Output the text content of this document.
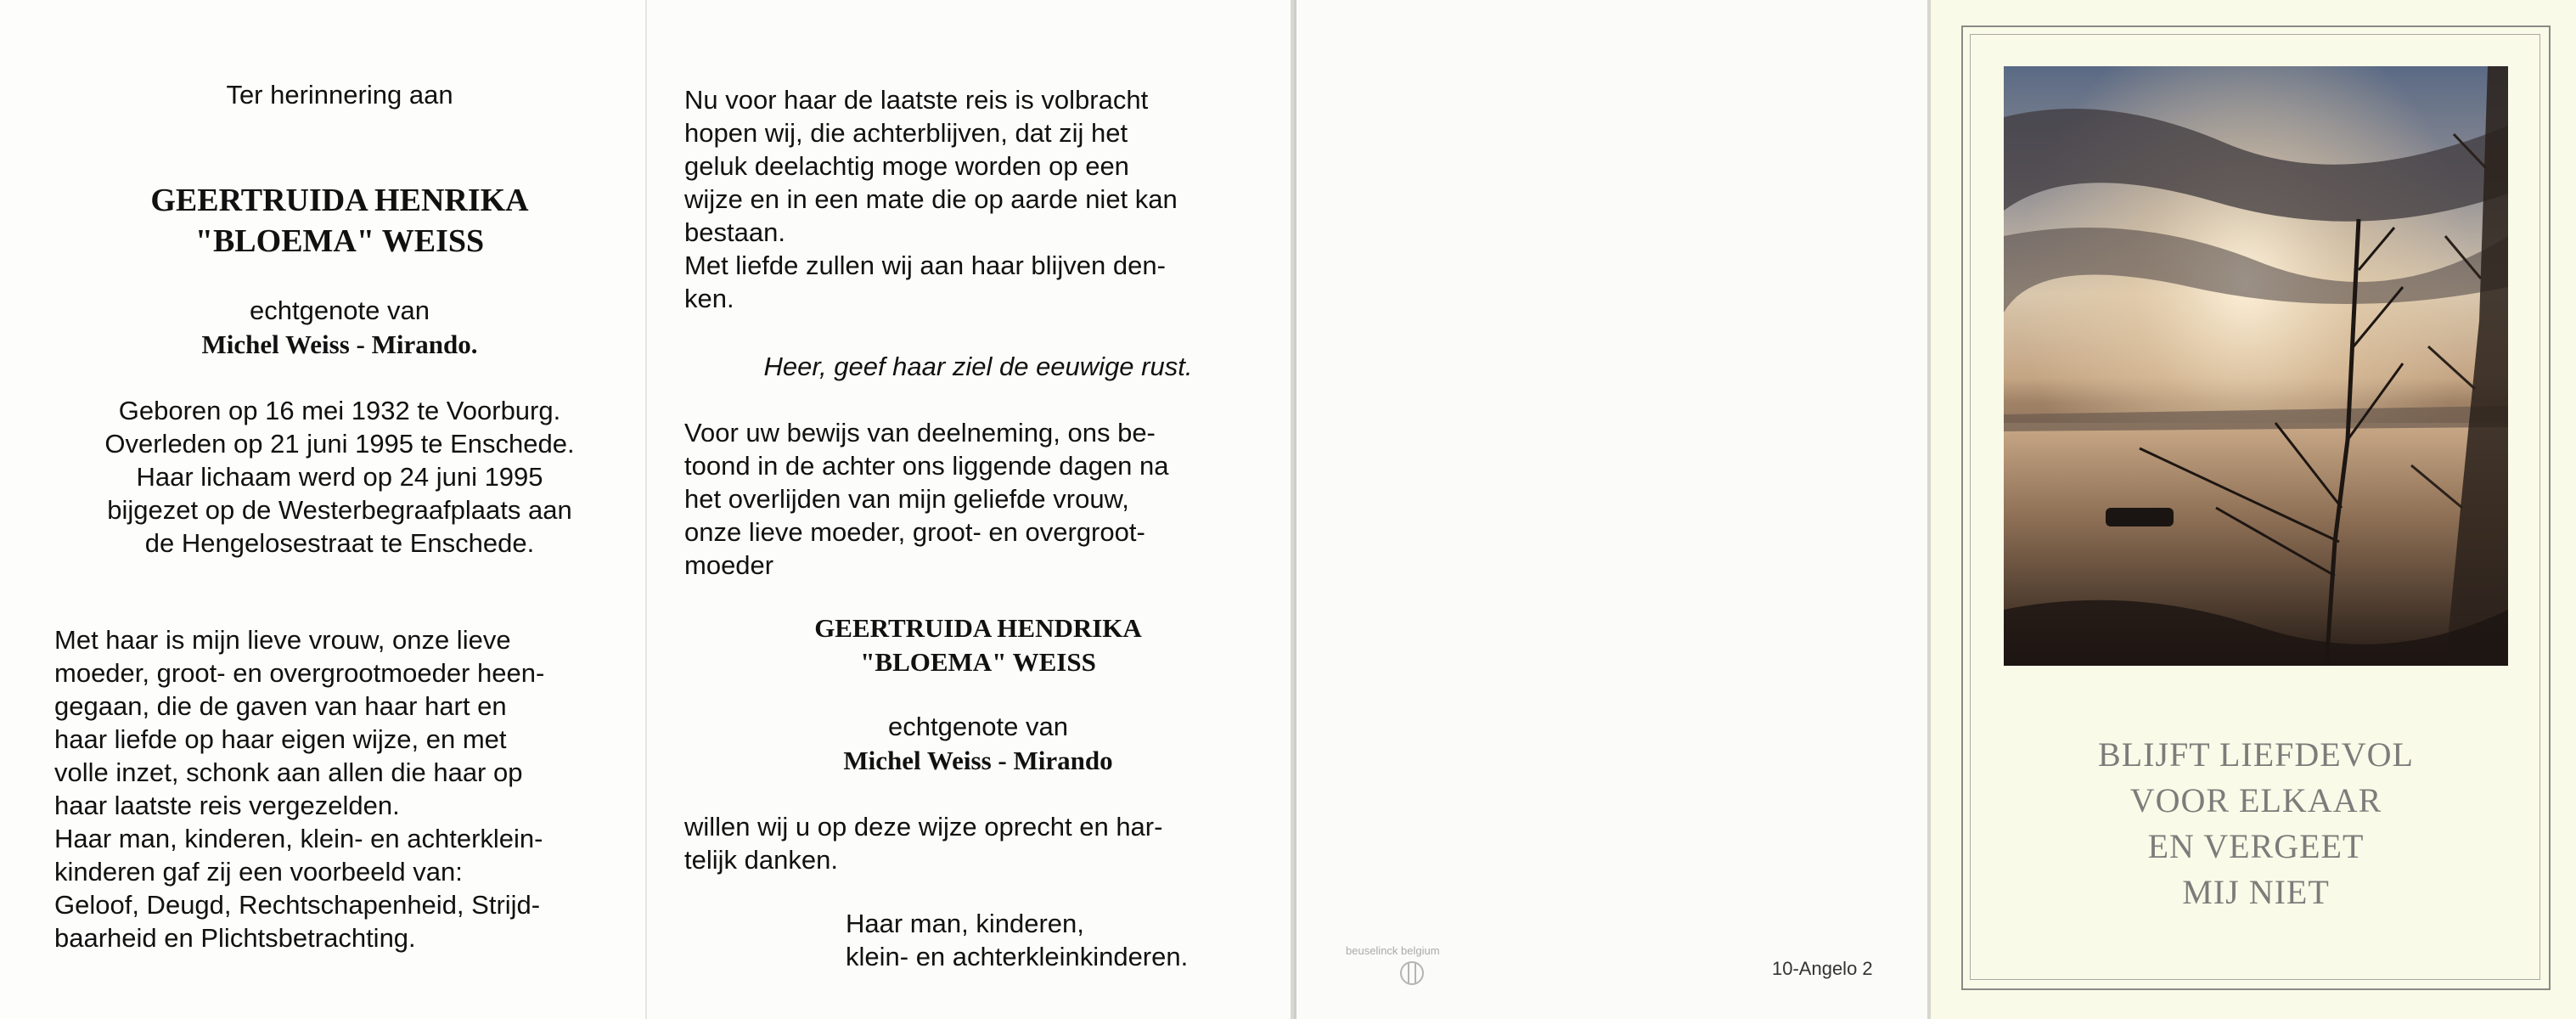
Ter herinnering aan
GEERTRUIDA HENRIKA
"BLOEMA" WEISS
echtgenote van
Michel Weiss - Mirando.
Geboren op 16 mei 1932 te Voorburg.
Overleden op 21 juni 1995 te Enschede.
Haar lichaam werd op 24 juni 1995
bijgezet op de Westerbegraafplaats aan
de Hengelosestraat te Enschede.
Met haar is mijn lieve vrouw, onze lieve
moeder, groot- en overgrootmoeder heen-
gegaan, die de gaven van haar hart en
haar liefde op haar eigen wijze, en met
volle inzet, schonk aan allen die haar op
haar laatste reis vergezelden.
Haar man, kinderen, klein- en achterklein-
kinderen gaf zij een voorbeeld van:
Geloof, Deugd, Rechtschapenheid, Strijd-
baarheid en Plichtsbetrachting.
Nu voor haar de laatste reis is volbracht
hopen wij, die achterblijven, dat zij het
geluk deelachtig moge worden op een
wijze en in een mate die op aarde niet kan
bestaan.
Met liefde zullen wij aan haar blijven den-
ken.
Heer, geef haar ziel de eeuwige rust.
Voor uw bewijs van deelneming, ons be-
toond in de achter ons liggende dagen na
het overlijden van mijn geliefde vrouw,
onze lieve moeder, groot- en overgroot-
moeder
GEERTRUIDA HENDRIKA
"BLOEMA" WEISS
echtgenote van
Michel Weiss - Mirando
willen wij u op deze wijze oprecht en har-
telijk danken.
Haar man, kinderen,
klein- en achterkleinkinderen.	beuselinck belgium
10-Angelo 2
BLIJFT LIEFDEVOL
VOOR ELKAAR
EN VERGEET
MIJ NIET
